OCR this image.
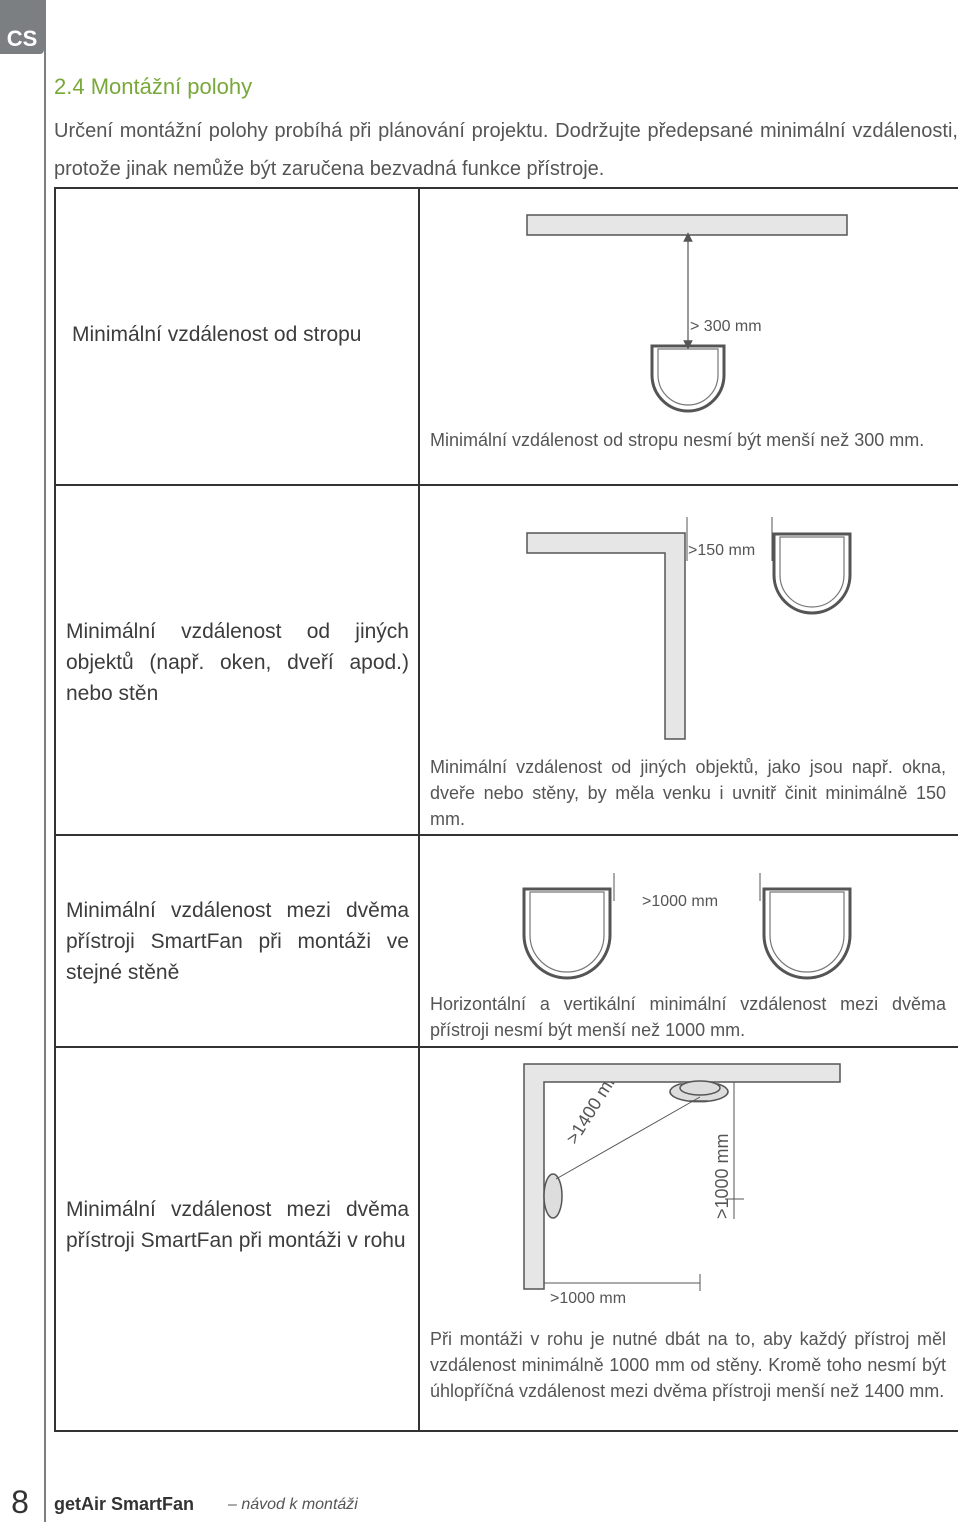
CS
2.4 Montážní polohy
Určení montážní polohy probíhá při plánování projektu. Dodržujte předepsané minimální vzdálenosti, protože jinak nemůže být zaručena bezvadná funkce přístroje.
Minimální vzdálenost od stropu	> 300 mm
Minimální vzdálenost od stropu nesmí být menší než 300 mm.
Minimální vzdálenost od jiných objektů (např. oken, dveří apod.) nebo stěn
>150 mm
Minimální vzdálenost od jiných objektů, jako jsou např. okna, dveře nebo stěny, by měla venku i uvnitř činit minimálně 150 mm.
Minimální vzdálenost mezi dvěma přístroji SmartFan při montáži ve stejné stěně
>1000 mm
Horizontální a vertikální minimální vzdálenost mezi dvěma přístroji nesmí být menší než 1000 mm.
Minimální vzdálenost mezi dvěma přístroji SmartFan při montáži v rohu
>1000 mm
>1400 mm
>1000 mm
Při montáži v rohu je nutné dbát na to, aby každý přístroj měl vzdálenost minimálně 1000 mm od stěny. Kromě toho nesmí být úhlopříčná vzdálenost mezi dvěma přístroji menší než 1400 mm.
8	getAir SmartFan – návod k montáži
